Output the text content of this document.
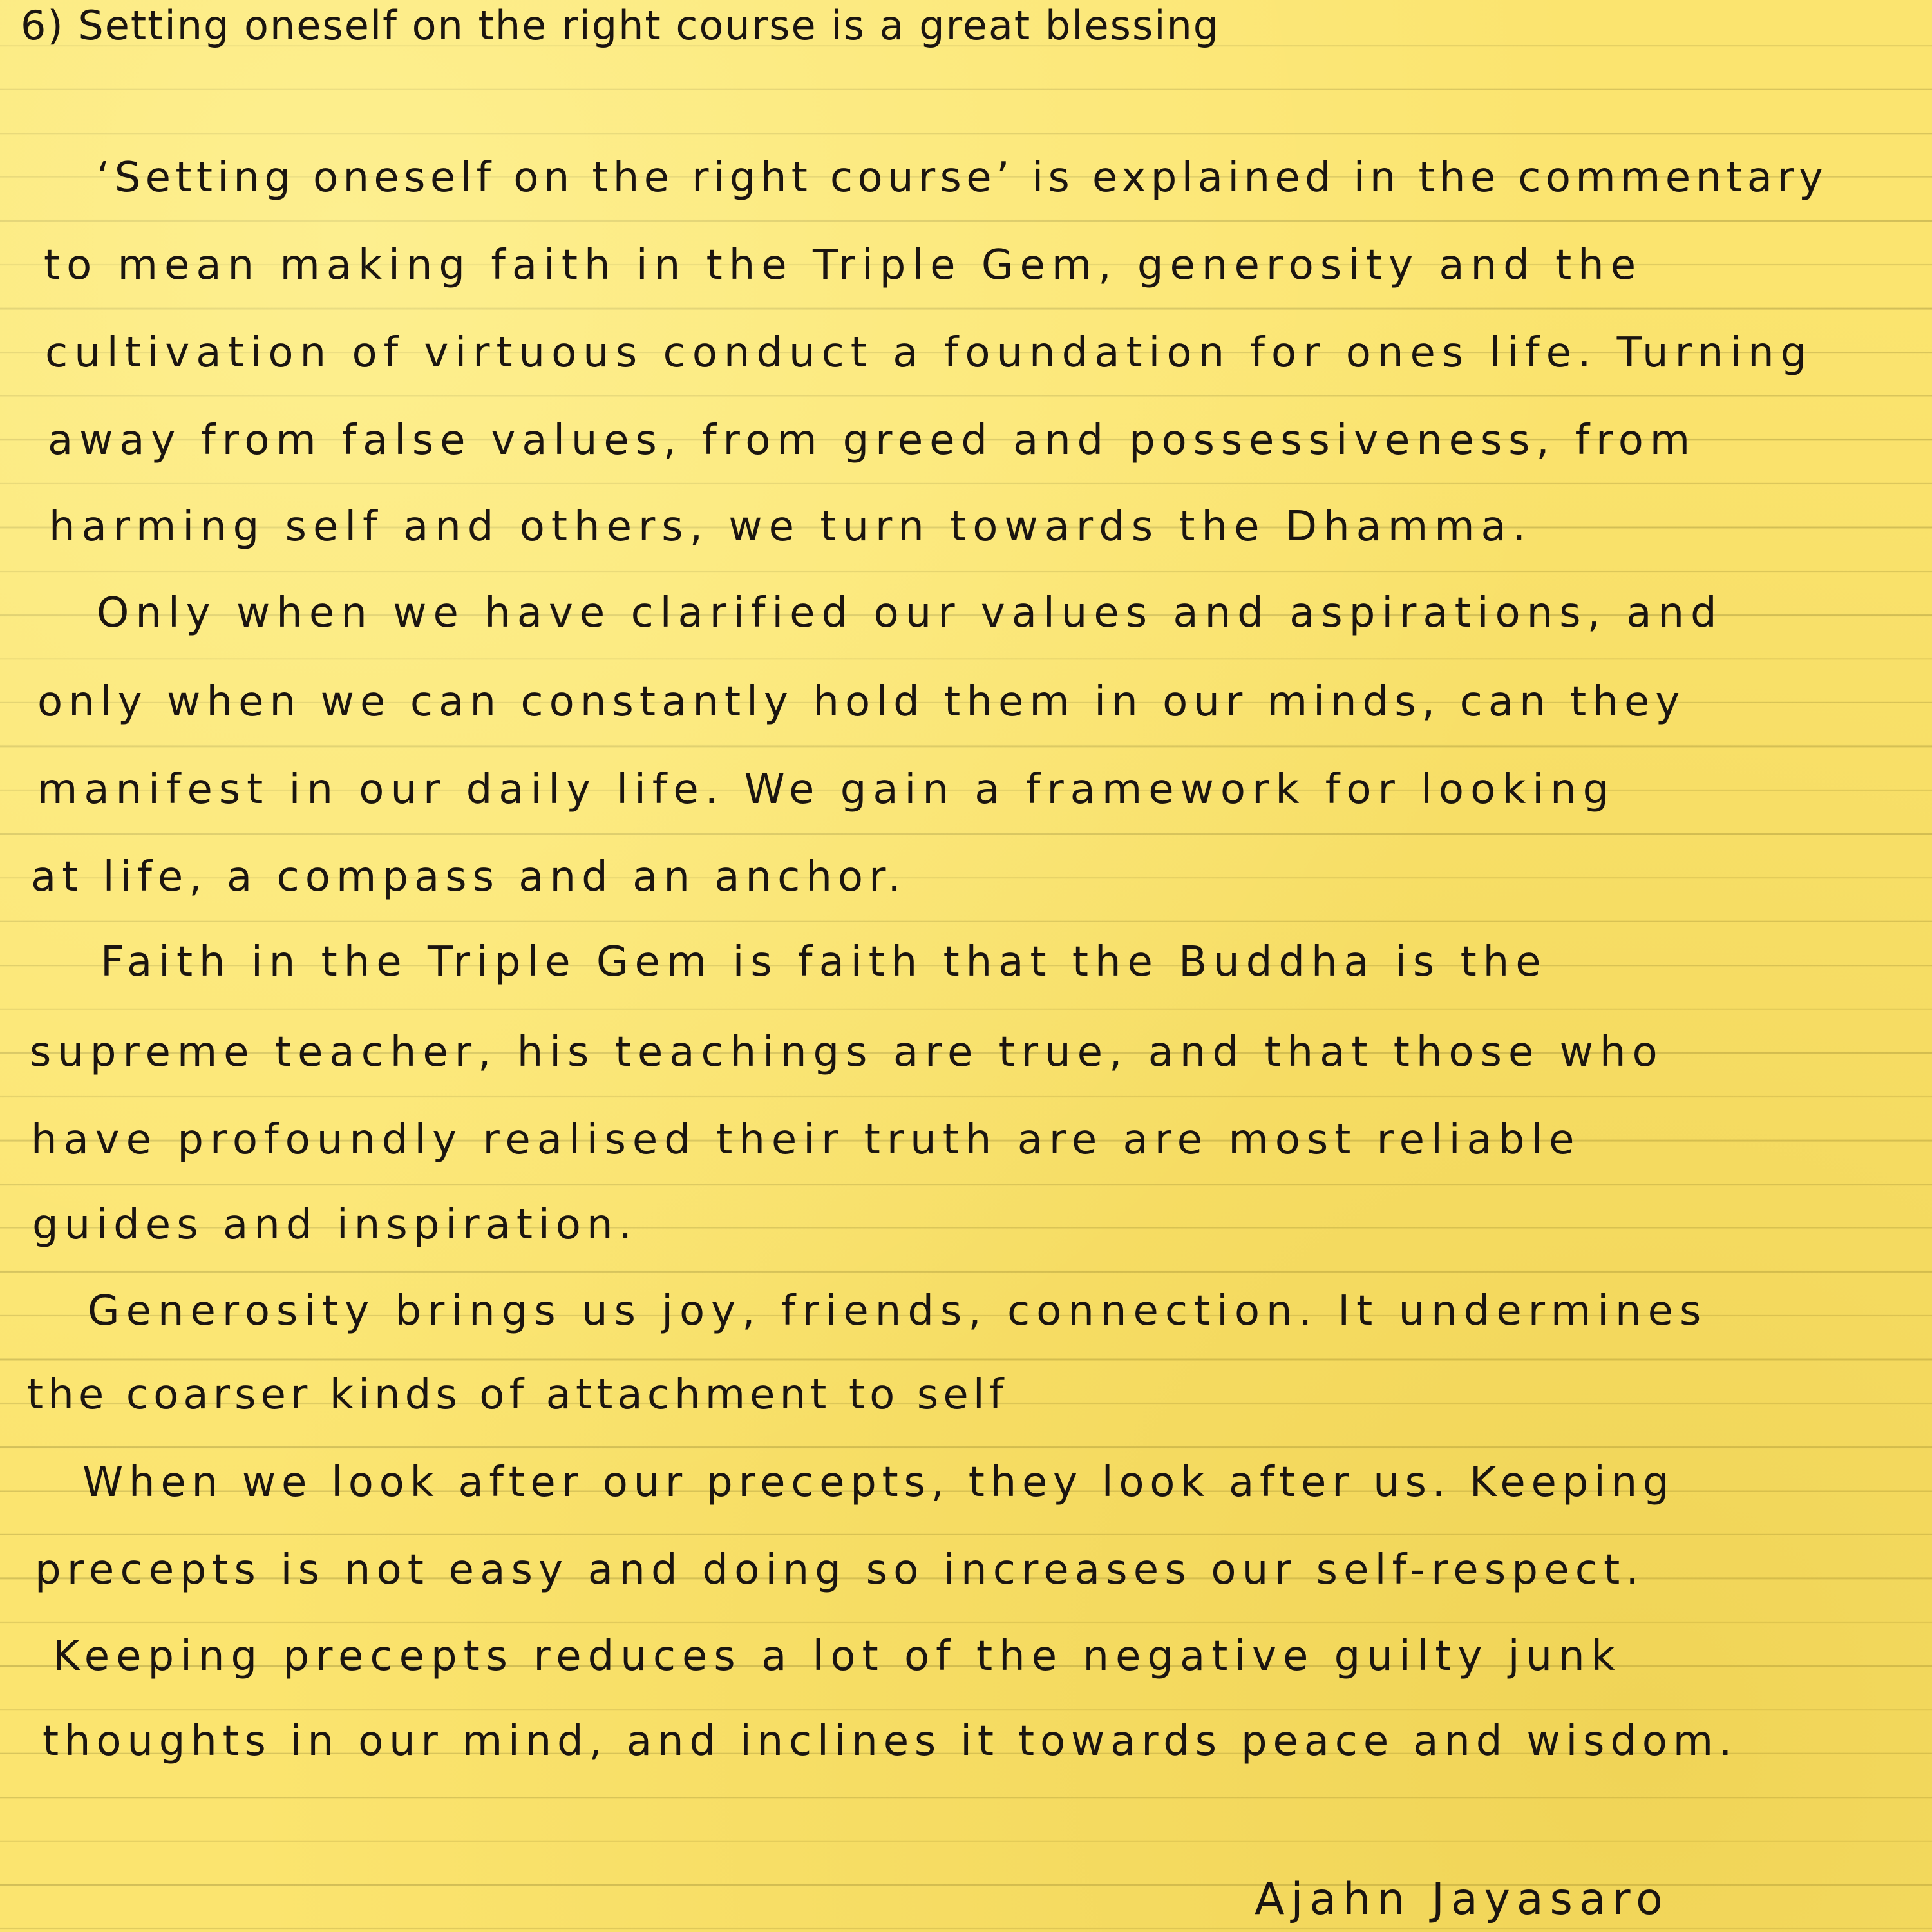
6) Setting oneself on the right course is a great blessing

‘Setting oneself on the right course’ is explained in the commentary

to mean making faith in the Triple Gem, generosity and the

cultivation of virtuous conduct a foundation for ones life. Turning

away from false values, from greed and possessiveness, from

harming self and others, we turn towards the Dhamma.

Only when we have clarified our values and aspirations, and

only when we can constantly hold them in our minds, can they

manifest in our daily life. We gain a framework for looking

at life, a compass and an anchor.

Faith in the Triple Gem is faith that the Buddha is the

supreme teacher, his teachings are true, and that those who

have profoundly realised their truth are are most reliable

guides and inspiration.

Generosity brings us joy, friends, connection. It undermines

the coarser kinds of attachment to self

When we look after our precepts, they look after us. Keeping

precepts is not easy and doing so increases our self-respect.

Keeping precepts reduces a lot of the negative guilty junk

thoughts in our mind, and inclines it towards peace and wisdom.

Ajahn Jayasaro
